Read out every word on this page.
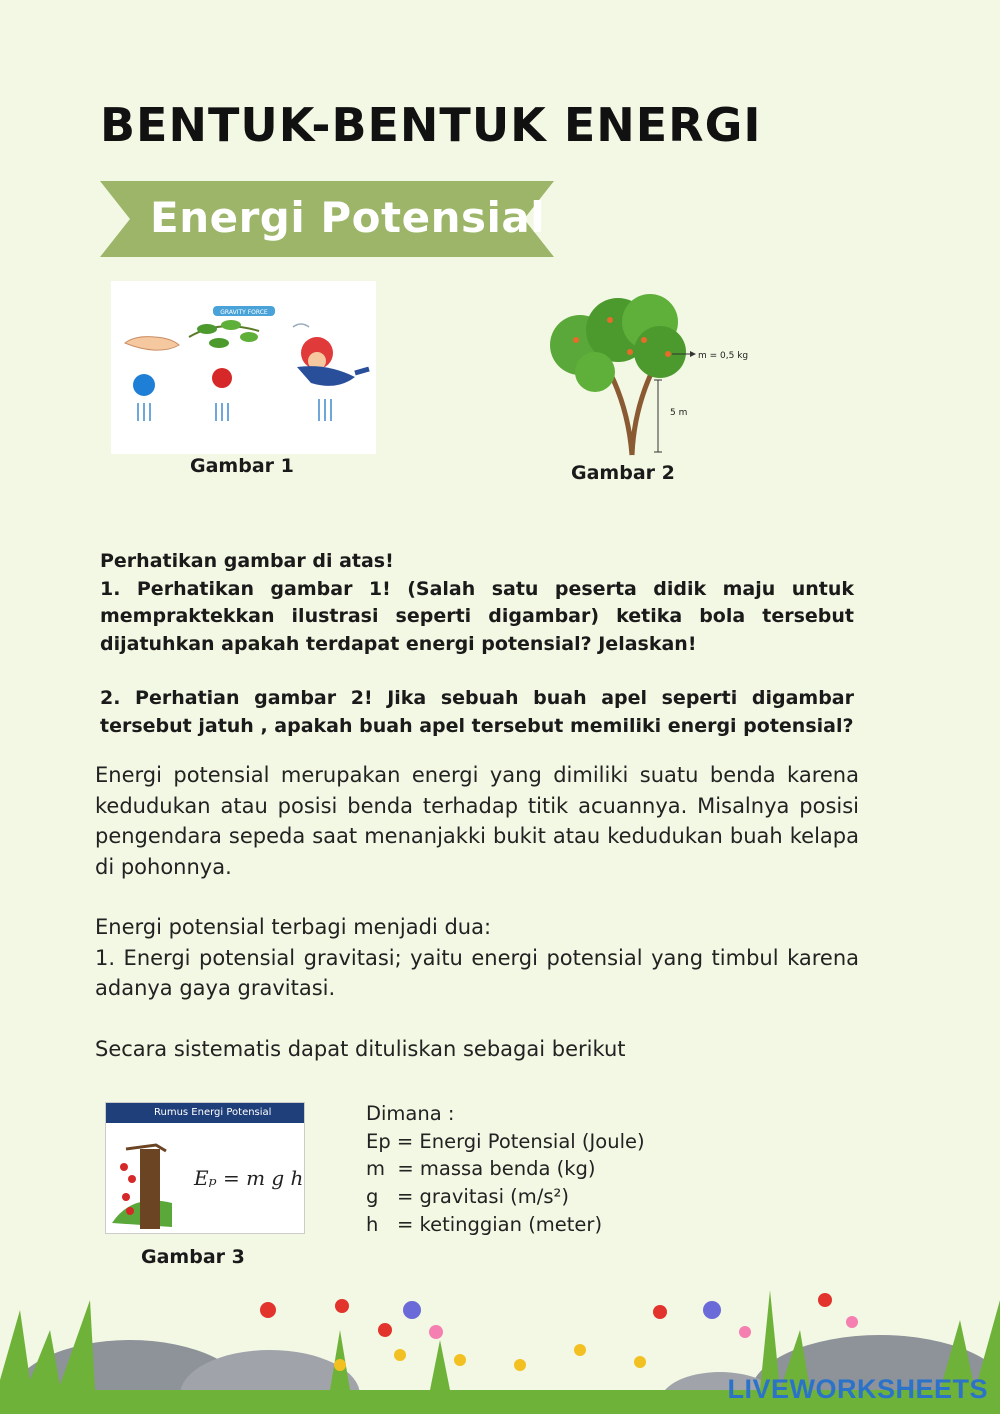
BENTUK-BENTUK ENERGI
Energi Potensial
GRAVITY FORCE
Gambar 1
m = 0,5 kg
5 m
Gambar 2

Perhatikan gambar di atas!

1. Perhatikan gambar 1! (Salah satu peserta didik maju untuk mempraktekkan ilustrasi seperti digambar) ketika bola tersebut dijatuhkan apakah terdapat energi potensial? Jelaskan!

2. Perhatian gambar 2! Jika sebuah buah apel seperti digambar tersebut jatuh , apakah buah apel tersebut memiliki energi potensial?

Energi potensial merupakan energi yang dimiliki suatu benda karena kedudukan atau posisi benda terhadap titik acuannya. Misalnya posisi pengendara sepeda saat menanjakki bukit atau kedudukan buah kelapa di pohonnya.

Energi potensial terbagi menjadi dua:

1. Energi potensial gravitasi; yaitu energi potensial yang timbul karena adanya gaya gravitasi.

Secara sistematis dapat dituliskan sebagai berikut

Rumus Energi Potensial
Eₚ = m g h
Gambar 3

Dimana :

Ep = Energi Potensial (Joule)

m  = massa benda (kg)

g   = gravitasi (m/s²)

h   = ketinggian (meter)

LIVEWORKSHEETS
